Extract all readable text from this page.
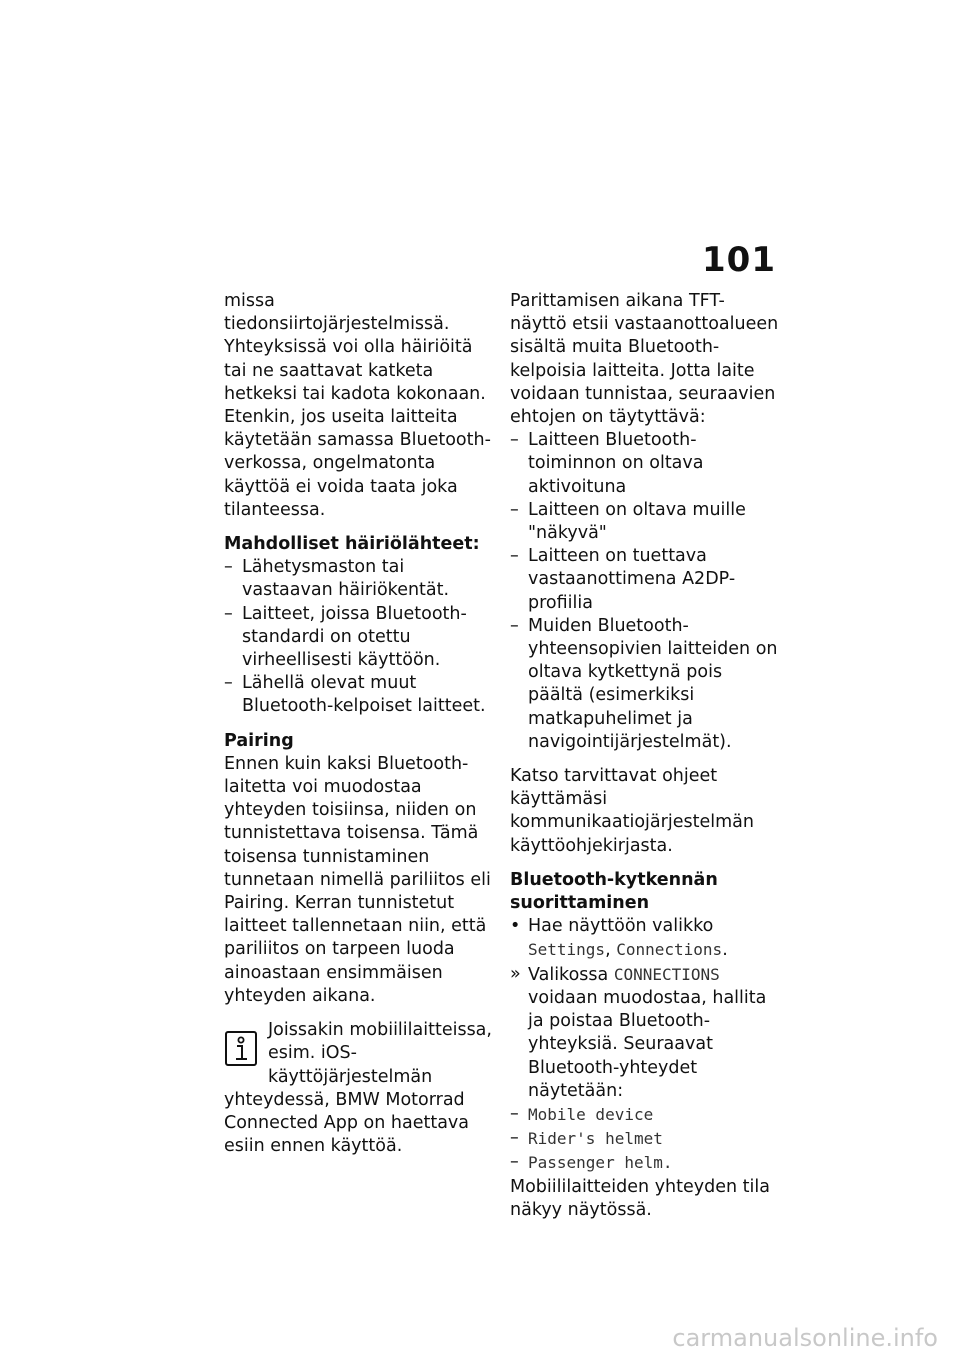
101

missa tiedonsiirtojärjestelmissä. Yhteyksissä voi olla häiriöitä tai ne saattavat katketa hetkeksi tai kadota kokonaan. Etenkin, jos useita laitteita käytetään samassa Bluetooth-verkossa, ongelmatonta käyttöä ei voida taata joka tilanteessa.

Mahdolliset häiriölähteet:
– Lähetysmaston tai vastaavan häiriökentät.
– Laitteet, joissa Bluetooth-standardi on otettu virheellisesti käyttöön.
– Lähellä olevat muut Bluetooth-kelpoiset laitteet.
Pairing

Ennen kuin kaksi Bluetooth-laitetta voi muodostaa yhteyden toisiinsa, niiden on tunnistettava toisensa. Tämä toisensa tunnistaminen tunnetaan nimellä pariliitos eli Pairing. Kerran tunnistetut laitteet tallennetaan niin, että pariliitos on tarpeen luoda ainoastaan ensimmäisen yhteyden aikana.

Joissakin mobiililaitteissa, esim. iOS-käyttöjärjestelmän yhteydessä, BMW Motorrad Connected App on haettava esiin ennen käyttöä.

Parittamisen aikana TFT-näyttö etsii vastaanottoalueen sisältä muita Bluetooth-kelpoisia laitteita. Jotta laite voidaan tunnistaa, seuraavien ehtojen on täytyttävä:

– Laitteen Bluetooth-toiminnon on oltava aktivoituna
– Laitteen on oltava muille "näkyvä"
– Laitteen on tuettava vastaanottimena A2DP-profiilia
– Muiden Bluetooth-yhteensopivien laitteiden on oltava kytkettynä pois päältä (esimerkiksi matkapuhelimet ja navigointijärjestelmät).

Katso tarvittavat ohjeet käyttämäsi kommunikaatiojärjestelmän käyttöohjekirjasta.

Bluetooth-kytkennän suorittaminen
• Hae näyttöön valikko Settings, Connections.
» Valikossa CONNECTIONS voidaan muodostaa, hallita ja poistaa Bluetooth-yhteyksiä. Seuraavat Bluetooth-yhteydet näytetään:
– Mobile device
– Rider's helmet
– Passenger helm.

Mobiililaitteiden yhteyden tila näkyy näytössä.

carmanualsonline.info
